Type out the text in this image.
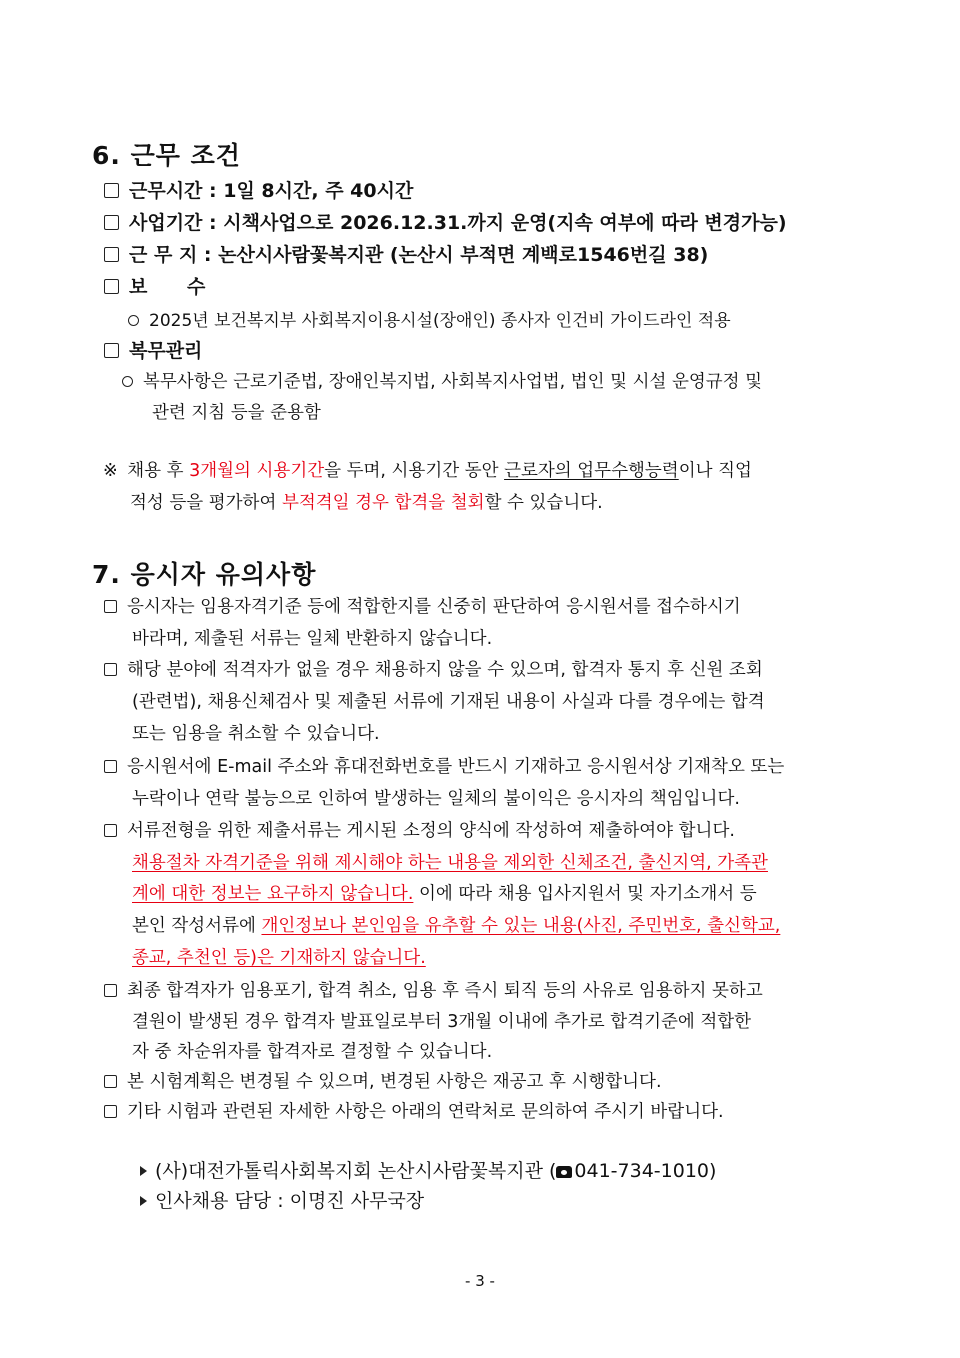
6. 근무 조건
근무시간 : 1일 8시간, 주 40시간
사업기간 : 시책사업으로 2026.12.31.까지 운영(지속 여부에 따라 변경가능)
근 무 지 : 논산시사람꽃복지관 (논산시 부적면 계백로1546번길 38)
보      수
2025년 보건복지부 사회복지이용시설(장애인) 종사자 인건비 가이드라인 적용
복무관리
복무사항은 근로기준법, 장애인복지법, 사회복지사업법, 법인 및 시설 운영규정 및
관련 지침 등을 준용함
※ 채용 후 3개월의 시용기간을 두며, 시용기간 동안 근로자의 업무수행능력이나 직업
적성 등을 평가하여 부적격일 경우 합격을 철회할 수 있습니다.
7. 응시자 유의사항
응시자는 임용자격기준 등에 적합한지를 신중히 판단하여 응시원서를 접수하시기
바라며, 제출된 서류는 일체 반환하지 않습니다.
해당 분야에 적격자가 없을 경우 채용하지 않을 수 있으며, 합격자 통지 후 신원 조회
(관련법), 채용신체검사 및 제출된 서류에 기재된 내용이 사실과 다를 경우에는 합격
또는 임용을 취소할 수 있습니다.
응시원서에 E-mail 주소와 휴대전화번호를 반드시 기재하고 응시원서상 기재착오 또는
누락이나 연락 불능으로 인하여 발생하는 일체의 불이익은 응시자의 책임입니다.
서류전형을 위한 제출서류는 게시된 소정의 양식에 작성하여 제출하여야 합니다.
채용절차 자격기준을 위해 제시해야 하는 내용을 제외한 신체조건, 출신지역, 가족관
계에 대한 정보는 요구하지 않습니다. 이에 따라 채용 입사지원서 및 자기소개서 등
본인 작성서류에 개인정보나 본인임을 유추할 수 있는 내용(사진, 주민번호, 출신학교,
종교, 추천인 등)은 기재하지 않습니다.
최종 합격자가 임용포기, 합격 취소, 임용 후 즉시 퇴직 등의 사유로 임용하지 못하고
결원이 발생된 경우 합격자 발표일로부터 3개월 이내에 추가로 합격기준에 적합한
자 중 차순위자를 합격자로 결정할 수 있습니다.
본 시험계획은 변경될 수 있으며, 변경된 사항은 재공고 후 시행합니다.
기타 시험과 관련된 자세한 사항은 아래의 연락처로 문의하여 주시기 바랍니다.
(사)대전가톨릭사회복지회 논산시사람꽃복지관 ( 041-734-1010)
인사채용 담당 : 이명진 사무국장
- 3 -
